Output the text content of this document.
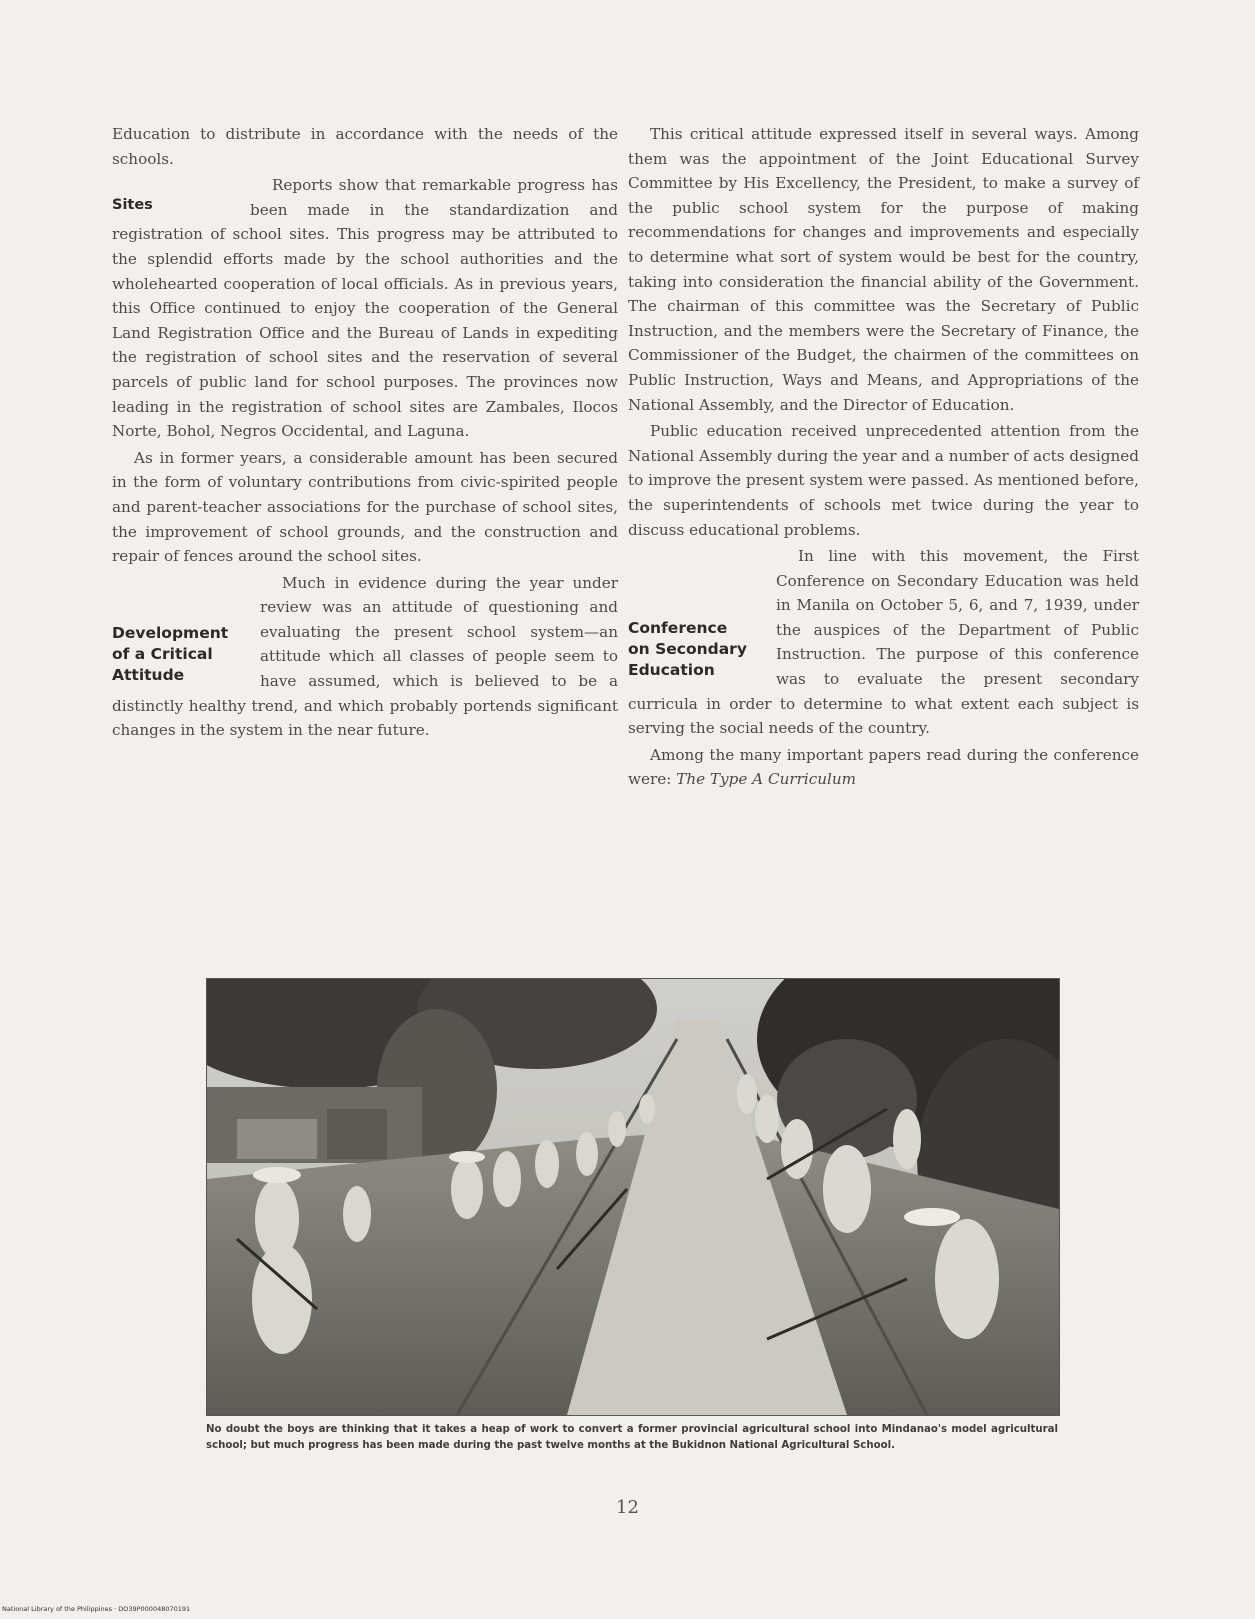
Education to distribute in accordance with the needs of the schools.

Sites

Reports show that remarkable progress has been made in the standardization and registration of school sites. This progress may be attributed to the splendid efforts made by the school authorities and the wholehearted cooperation of local officials. As in previous years, this Office continued to enjoy the cooperation of the General Land Registration Office and the Bureau of Lands in expediting the registration of school sites and the reservation of several parcels of public land for school purposes. The provinces now leading in the registration of school sites are Zambales, Ilocos Norte, Bohol, Negros Occidental, and Laguna.

As in former years, a considerable amount has been secured in the form of voluntary contributions from civic-spirited people and parent-teacher associations for the purchase of school sites, the improvement of school grounds, and the construction and repair of fences around the school sites.

Development
of a Critical
Attitude

Much in evidence during the year under review was an attitude of questioning and evaluating the present school system—an attitude which all classes of people seem to have assumed, which is believed to be a distinctly healthy trend, and which probably portends significant changes in the system in the near future.

This critical attitude expressed itself in several ways. Among them was the appointment of the Joint Educational Survey Committee by His Excellency, the President, to make a survey of the public school system for the purpose of making recommendations for changes and improvements and especially to determine what sort of system would be best for the country, taking into consideration the financial ability of the Government. The chairman of this committee was the Secretary of Public Instruction, and the members were the Secretary of Finance, the Commissioner of the Budget, the chairmen of the committees on Public Instruction, Ways and Means, and Appropriations of the National Assembly, and the Director of Education.

Public education received unprecedented attention from the National Assembly during the year and a number of acts designed to improve the present system were passed. As mentioned before, the superintendents of schools met twice during the year to discuss educational problems.

Conference
on Secondary
Education

In line with this movement, the First Conference on Secondary Education was held in Manila on October 5, 6, and 7, 1939, under the auspices of the Department of Public Instruction. The purpose of this conference was to evaluate the present secondary curricula in order to determine to what extent each subject is serving the social needs of the country.

Among the many important papers read during the conference were: The Type A Curriculum

No doubt the boys are thinking that it takes a heap of work to convert a former provincial agricultural school into Mindanao's model agricultural school; but much progress has been made during the past twelve months at the Bukidnon National Agricultural School.
12
National Library of the Philippines · DO39P000048070191
